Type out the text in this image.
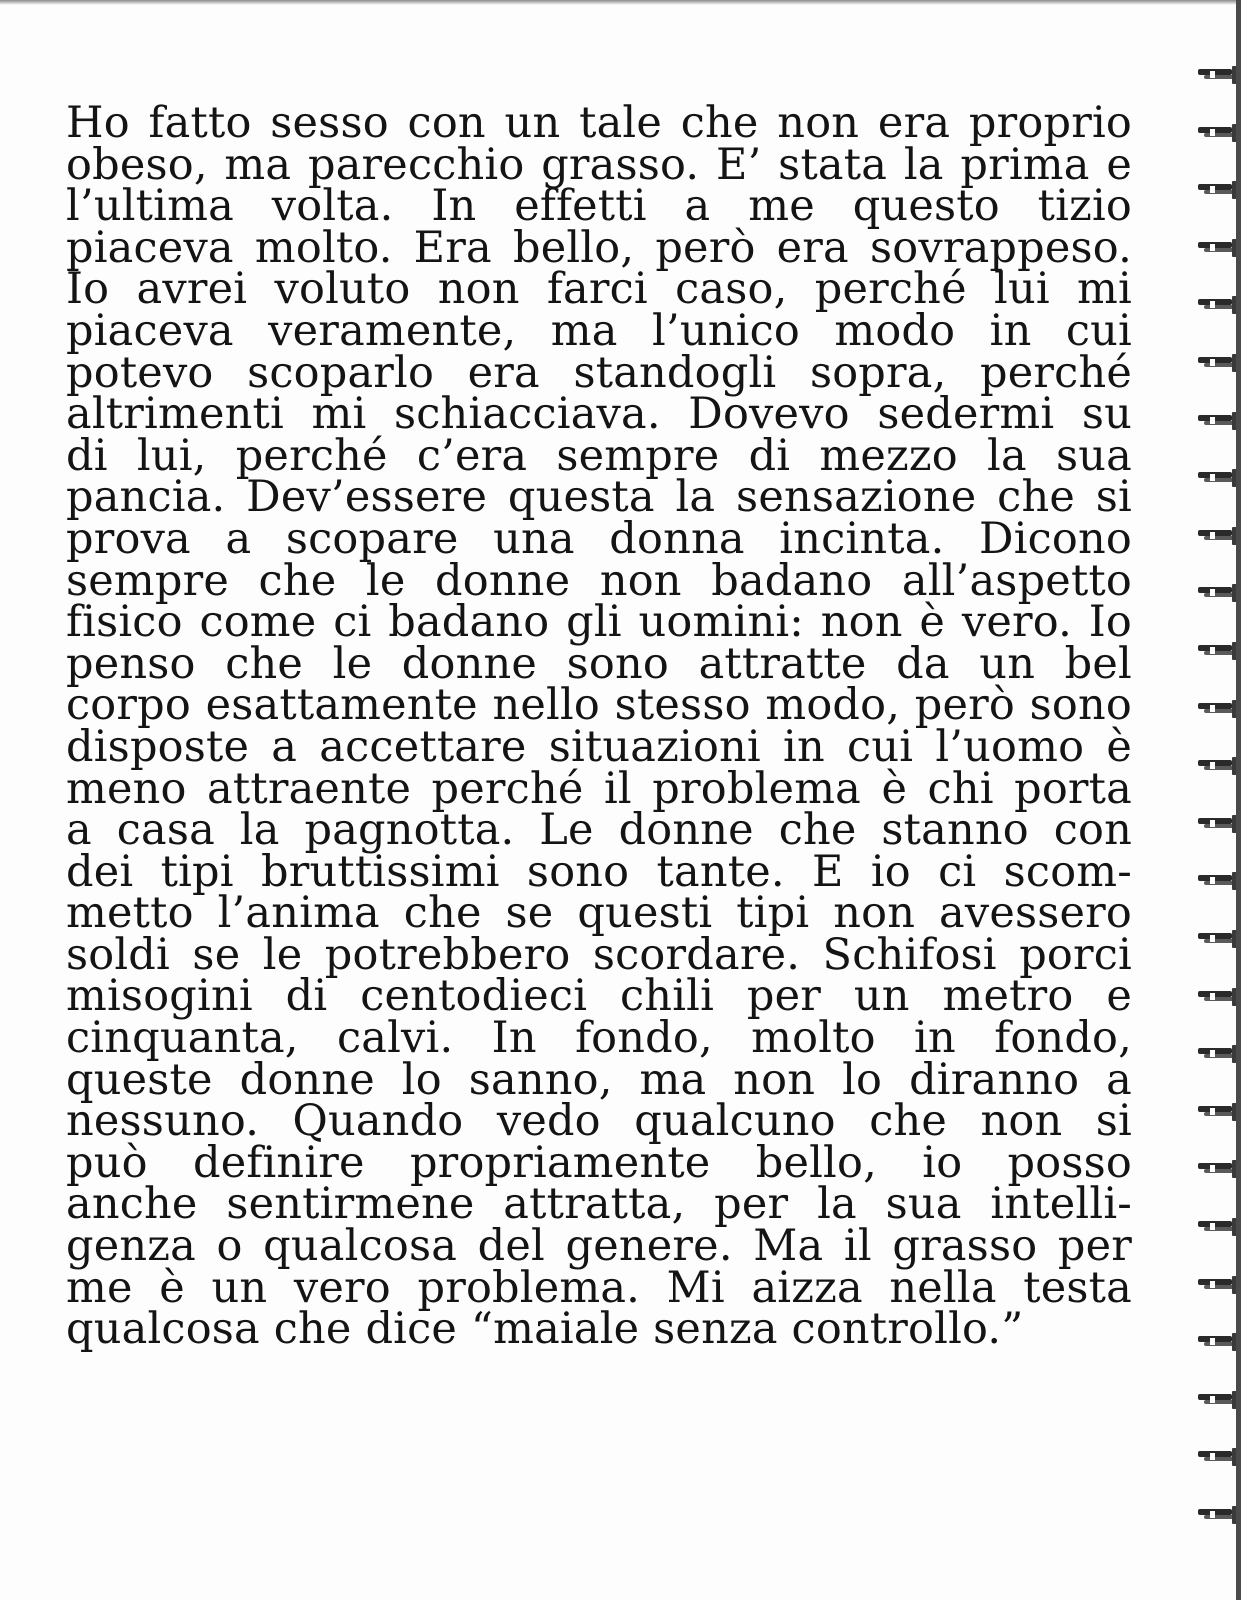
Ho fatto sesso con un tale che non era proprio
obeso, ma parecchio grasso. E’ stata la prima e
l’ultima volta. In effetti a me questo tizio
piaceva molto. Era bello, però era sovrappeso.
Io avrei voluto non farci caso, perché lui mi
piaceva veramente, ma l’unico modo in cui
potevo scoparlo era standogli sopra, perché
altrimenti mi schiacciava. Dovevo sedermi su
di lui, perché c’era sempre di mezzo la sua
pancia. Dev’essere questa la sensazione che si
prova a scopare una donna incinta. Dicono
sempre che le donne non badano all’aspetto
fisico come ci badano gli uomini: non è vero. Io
penso che le donne sono attratte da un bel
corpo esattamente nello stesso modo, però sono
disposte a accettare situazioni in cui l’uomo è
meno attraente perché il problema è chi porta
a casa la pagnotta. Le donne che stanno con
dei tipi bruttissimi sono tante. E io ci scom-
metto l’anima che se questi tipi non avessero
soldi se le potrebbero scordare. Schifosi porci
misogini di centodieci chili per un metro e
cinquanta, calvi. In fondo, molto in fondo,
queste donne lo sanno, ma non lo diranno a
nessuno. Quando vedo qualcuno che non si
può definire propriamente bello, io posso
anche sentirmene attratta, per la sua intelli-
genza o qualcosa del genere. Ma il grasso per
me è un vero problema. Mi aizza nella testa
qualcosa che dice “maiale senza controllo.”
